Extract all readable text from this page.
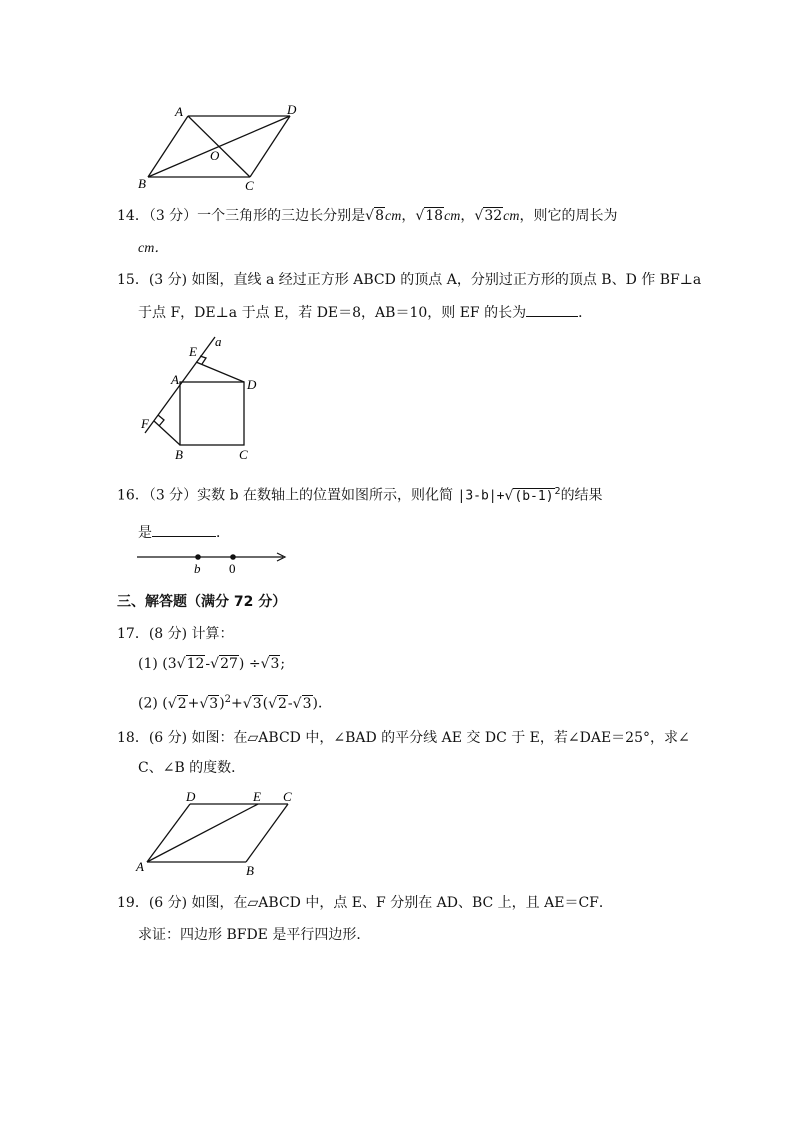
A	D
O
B	C
14．（3 分）一个三角形的三边长分别是√8cm，√18cm，√32cm，则它的周长为
cm．
15．(3 分) 如图，直线 a 经过正方形 ABCD 的顶点 A，分别过正方形的顶点 B、D 作 BF⊥a
于点 F，DE⊥a 于点 E，若 DE＝8，AB＝10，则 EF 的长为	．
E
a
A	D
F
B	C
16．（3 分）实数 b 在数轴上的位置如图所示，则化简 $|3-b|+√(b-1)^2$的结果
是	．
b 0
三、解答题（满分 72 分）
17．(8 分) 计算：
(1) (3√12-√27) ÷√3;
(2) $(√2+√3)^2+√3(√2-√3)$．
18．(6 分) 如图：在▱ABCD 中，∠BAD 的平分线 AE 交 DC 于 E，若∠DAE＝25°，求∠
C、∠B 的度数．
D	E C
A	B
19．(6 分) 如图，在▱ABCD 中，点 E、F 分别在 AD、BC 上，且 AE＝CF．
求证：四边形 BFDE 是平行四边形．
